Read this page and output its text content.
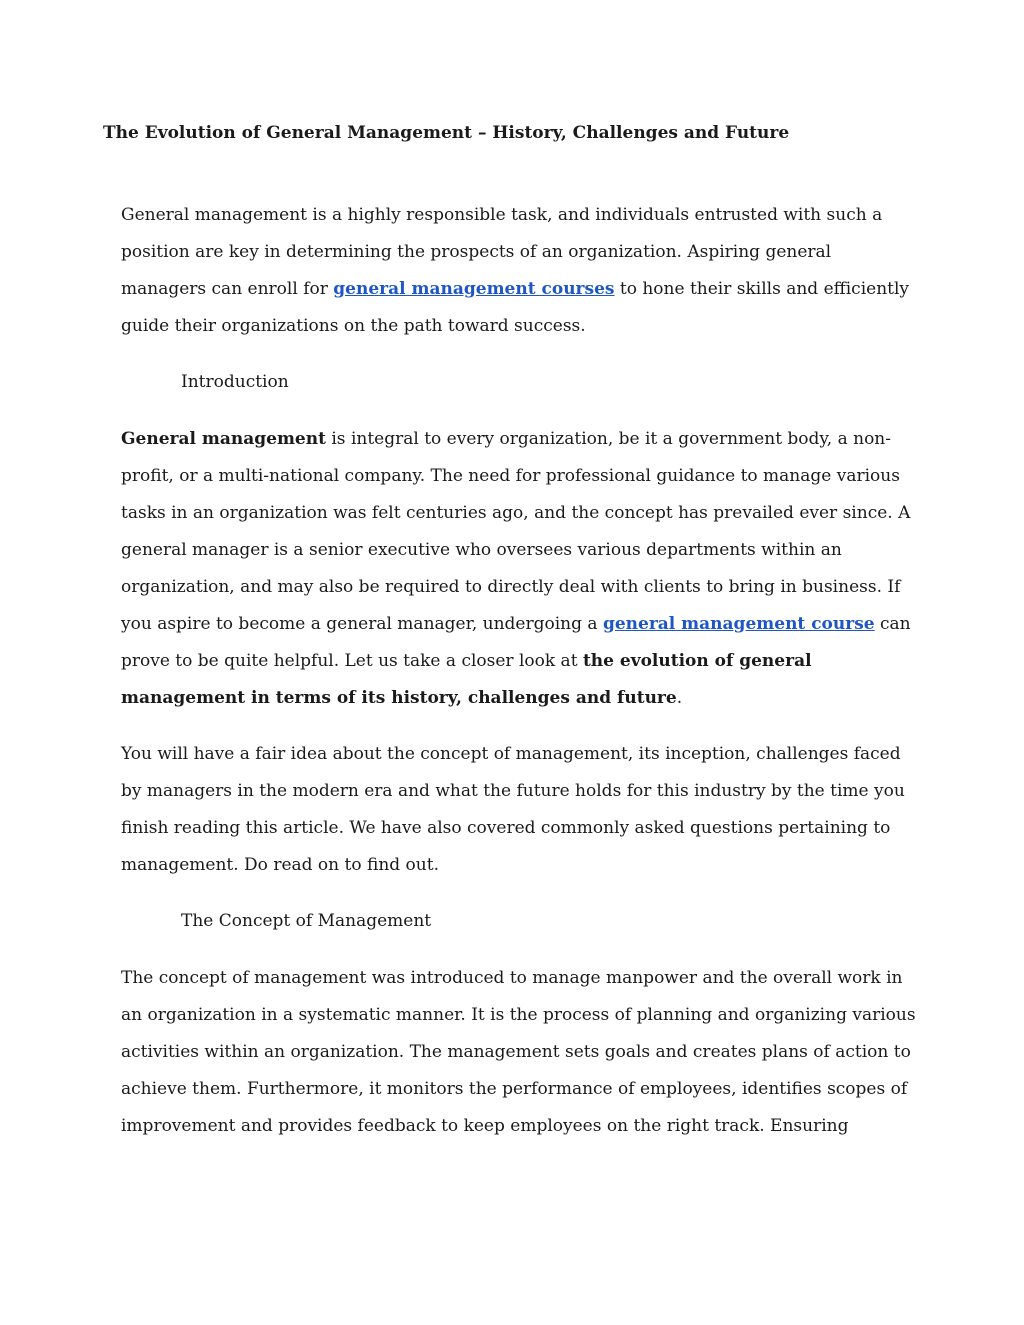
The Evolution of General Management – History, Challenges and Future

General management is a highly responsible task, and individuals entrusted with such a
position are key in determining the prospects of an organization. Aspiring general
managers can enroll for general management courses to hone their skills and efficiently
guide their organizations on the path toward success.

Introduction

General management is integral to every organization, be it a government body, a non-
profit, or a multi-national company. The need for professional guidance to manage various
tasks in an organization was felt centuries ago, and the concept has prevailed ever since. A
general manager is a senior executive who oversees various departments within an
organization, and may also be required to directly deal with clients to bring in business. If
you aspire to become a general manager, undergoing a general management course can
prove to be quite helpful. Let us take a closer look at the evolution of general
management in terms of its history, challenges and future.

You will have a fair idea about the concept of management, its inception, challenges faced
by managers in the modern era and what the future holds for this industry by the time you
finish reading this article. We have also covered commonly asked questions pertaining to
management. Do read on to find out.

The Concept of Management

The concept of management was introduced to manage manpower and the overall work in
an organization in a systematic manner. It is the process of planning and organizing various
activities within an organization. The management sets goals and creates plans of action to
achieve them. Furthermore, it monitors the performance of employees, identifies scopes of
improvement and provides feedback to keep employees on the right track. Ensuring
